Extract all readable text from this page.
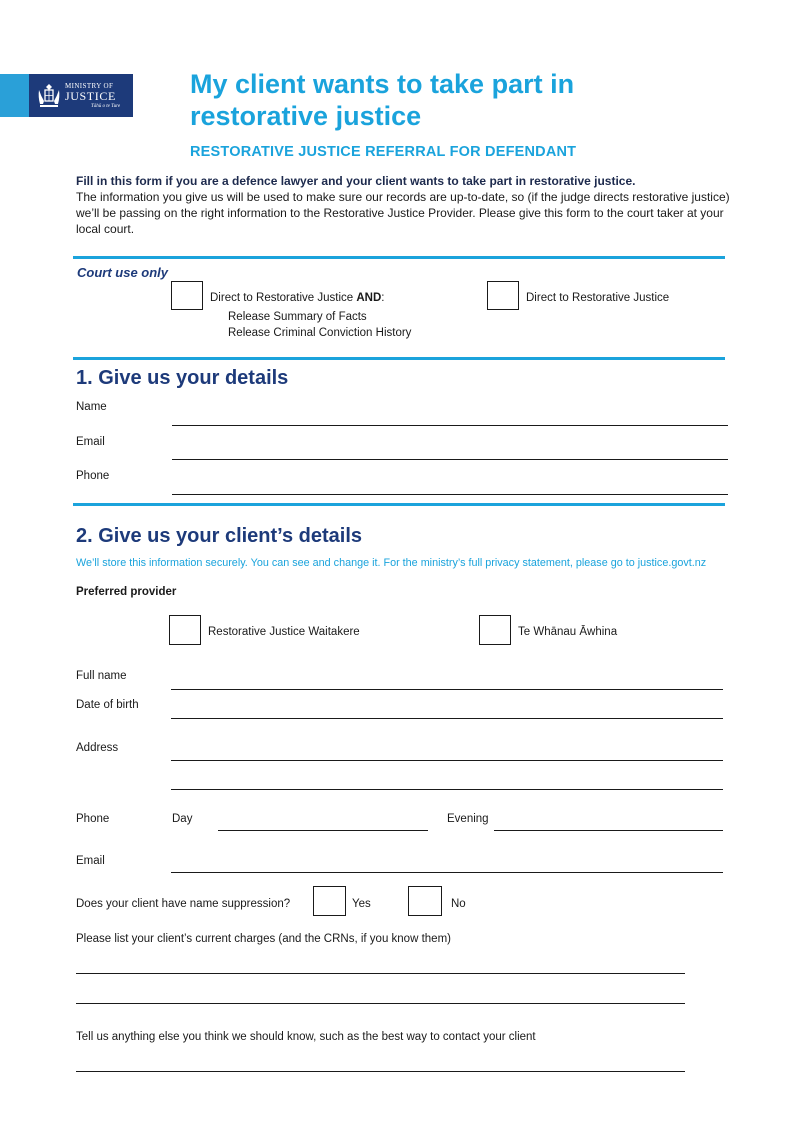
MINISTRY OF
JUSTICE
Tāhū o te Ture
My client wants to take part in restorative justice
RESTORATIVE JUSTICE REFERRAL FOR DEFENDANT
Fill in this form if you are a defence lawyer and your client wants to take part in restorative justice.
The information you give us will be used to make sure our records are up-to-date, so (if the judge directs restorative justice) we’ll be passing on the right information to the Restorative Justice Provider. Please give this form to the court taker at your local court.
Court use only
Direct to Restorative Justice AND:
Release Summary of Facts
Release Criminal Conviction History
Direct to Restorative Justice
1. Give us your details
Name
Email
Phone
2. Give us your client’s details
We’ll store this information securely. You can see and change it. For the ministry’s full privacy statement, please go to justice.govt.nz
Preferred provider
Restorative Justice Waitakere	Te Whānau Āwhina
Full name
Date of birth
Address
Phone	Day	Evening
Email
Does your client have name suppression?	Yes	No
Please list your client’s current charges (and the CRNs, if you know them)
Tell us anything else you think we should know, such as the best way to contact your client
